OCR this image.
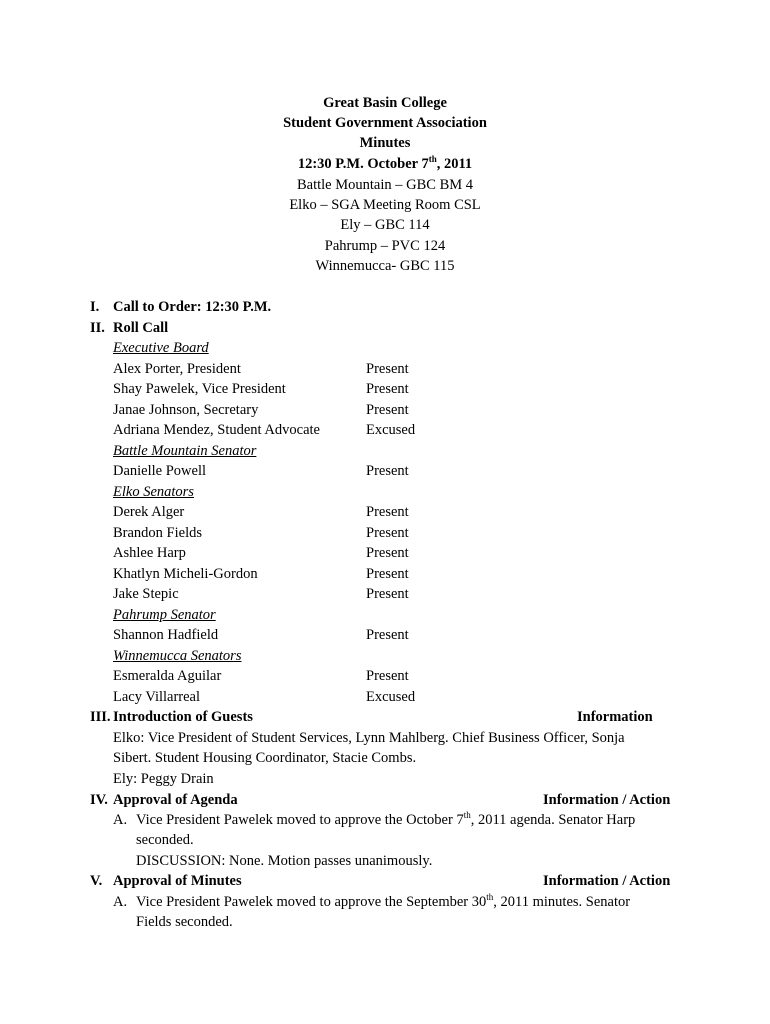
Great Basin College
Student Government Association
Minutes
12:30 P.M. October 7th, 2011
Battle Mountain – GBC BM 4
Elko – SGA Meeting Room CSL
Ely – GBC 114
Pahrump – PVC 124
Winnemucca- GBC 115
I. Call to Order: 12:30 P.M.
II. Roll Call
Executive Board
Alex Porter, President	Present
Shay Pawelek, Vice President	Present
Janae Johnson, Secretary	Present
Adriana Mendez, Student Advocate	Excused
Battle Mountain Senator
Danielle Powell	Present
Elko Senators
Derek Alger	Present
Brandon Fields	Present
Ashlee Harp	Present
Khatlyn Micheli-Gordon	Present
Jake Stepic	Present
Pahrump Senator
Shannon Hadfield	Present
Winnemucca Senators
Esmeralda Aguilar	Present
Lacy Villarreal	Excused
III. Introduction of Guests	Information
Elko: Vice President of Student Services, Lynn Mahlberg. Chief Business Officer, Sonja
Sibert. Student Housing Coordinator, Stacie Combs.
Ely: Peggy Drain
IV. Approval of Agenda	Information / Action
A. Vice President Pawelek moved to approve the October 7th, 2011 agenda. Senator Harp
seconded.
DISCUSSION: None. Motion passes unanimously.
V. Approval of Minutes	Information / Action
A. Vice President Pawelek moved to approve the September 30th, 2011 minutes. Senator
Fields seconded.
